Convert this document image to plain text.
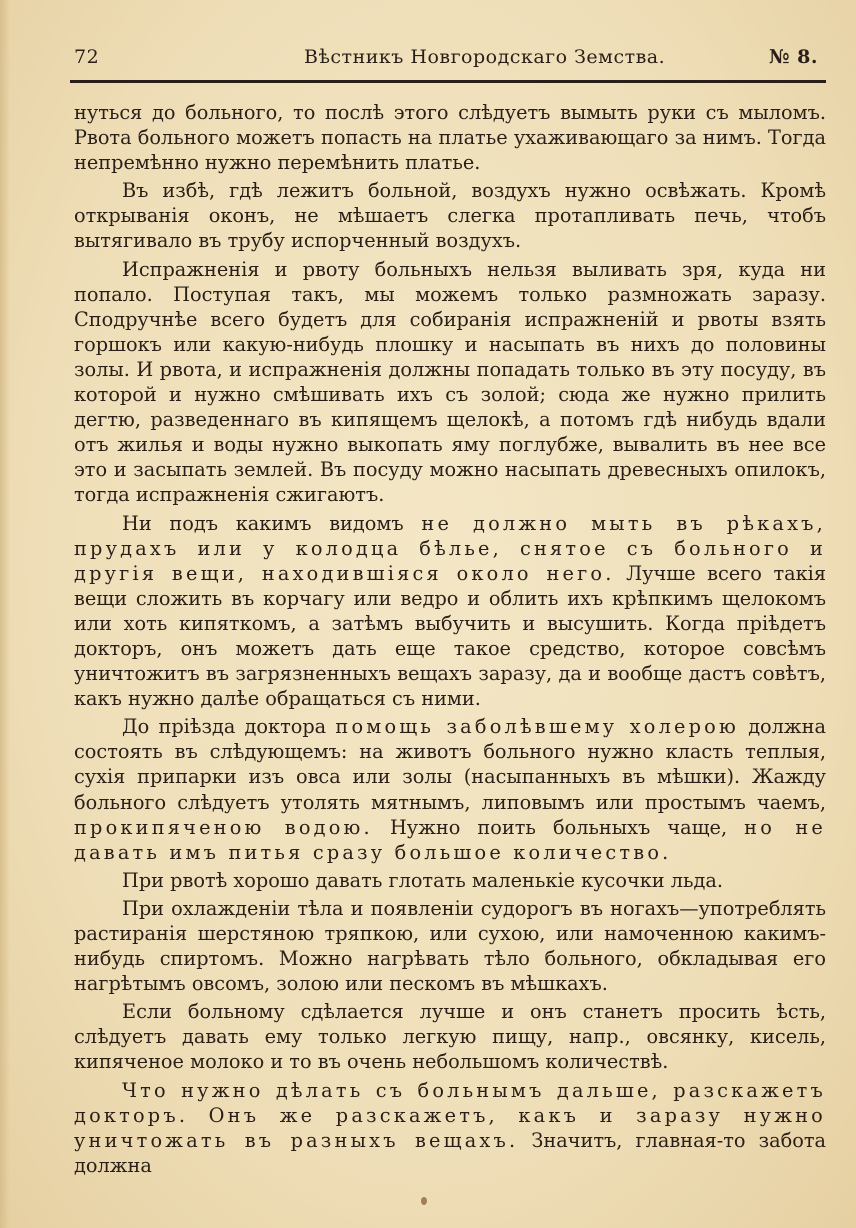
72	Вѣстникъ Новгородскаго Земства.	№ 8.

нуться до больного, то послѣ этого слѣдуетъ вымыть руки съ мыломъ. Рвота больного можетъ попасть на платье ухаживающаго за нимъ. Тогда непремѣнно нужно перемѣнить платье.

Въ избѣ, гдѣ лежитъ больной, воздухъ нужно освѣжать. Кромѣ открыванія оконъ, не мѣшаетъ слегка протапливать печь, чтобъ вытягивало въ трубу испорченный воздухъ.

Испражненія и рвоту больныхъ нельзя выливать зря, куда ни попало. Поступая такъ, мы можемъ только размножать заразу. Сподручнѣе всего будетъ для собиранія испражненій и рвоты взять горшокъ или какую-нибудь плошку и насыпать въ нихъ до половины золы. И рвота, и испражненія должны попадать только въ эту посуду, въ которой и нужно смѣшивать ихъ съ золой; сюда же нужно прилить дегтю, разведеннаго въ кипящемъ щелокѣ, а потомъ гдѣ нибудь вдали отъ жилья и воды нужно выкопать яму поглубже, вывалить въ нее все это и засыпать землей. Въ посуду можно насыпать древесныхъ опилокъ, тогда испражненія сжигаютъ.

Ни подъ какимъ видомъ не должно мыть въ рѣкахъ, прудахъ или у колодца бѣлье, снятое съ больного и другія вещи, находившіяся около него. Лучше всего такія вещи сложить въ корчагу или ведро и облить ихъ крѣпкимъ щелокомъ или хоть кипяткомъ, а затѣмъ выбучить и высушить. Когда пріѣдетъ докторъ, онъ можетъ дать еще такое средство, которое совсѣмъ уничтожитъ въ загрязненныхъ вещахъ заразу, да и вообще дастъ совѣтъ, какъ нужно далѣе обращаться съ ними.

До пріѣзда доктора помощь заболѣвшему холерою должна состоять въ слѣдующемъ: на животъ больного нужно класть теплыя, сухія припарки изъ овса или золы (насыпанныхъ въ мѣшки). Жажду больного слѣдуетъ утолять мятнымъ, липовымъ или простымъ чаемъ, прокипяченою водою. Нужно поить больныхъ чаще, но не давать имъ питья сразу большое количество.

При рвотѣ хорошо давать глотать маленькіе кусочки льда.

При охлажденіи тѣла и появленіи судорогъ въ ногахъ—употреблять растиранія шерстяною тряпкою, или сухою, или намоченною какимъ-нибудь спиртомъ. Можно нагрѣвать тѣло больного, обкладывая его нагрѣтымъ овсомъ, золою или пескомъ въ мѣшкахъ.

Если больному сдѣлается лучше и онъ станетъ просить ѣсть, слѣдуетъ давать ему только легкую пищу, напр., овсянку, кисель, кипяченое молоко и то въ очень небольшомъ количествѣ.

Что нужно дѣлать съ больнымъ дальше, разскажетъ докторъ. Онъ же разскажетъ, какъ и заразу нужно уничтожать въ разныхъ вещахъ. Значитъ, главная-то забота должна
